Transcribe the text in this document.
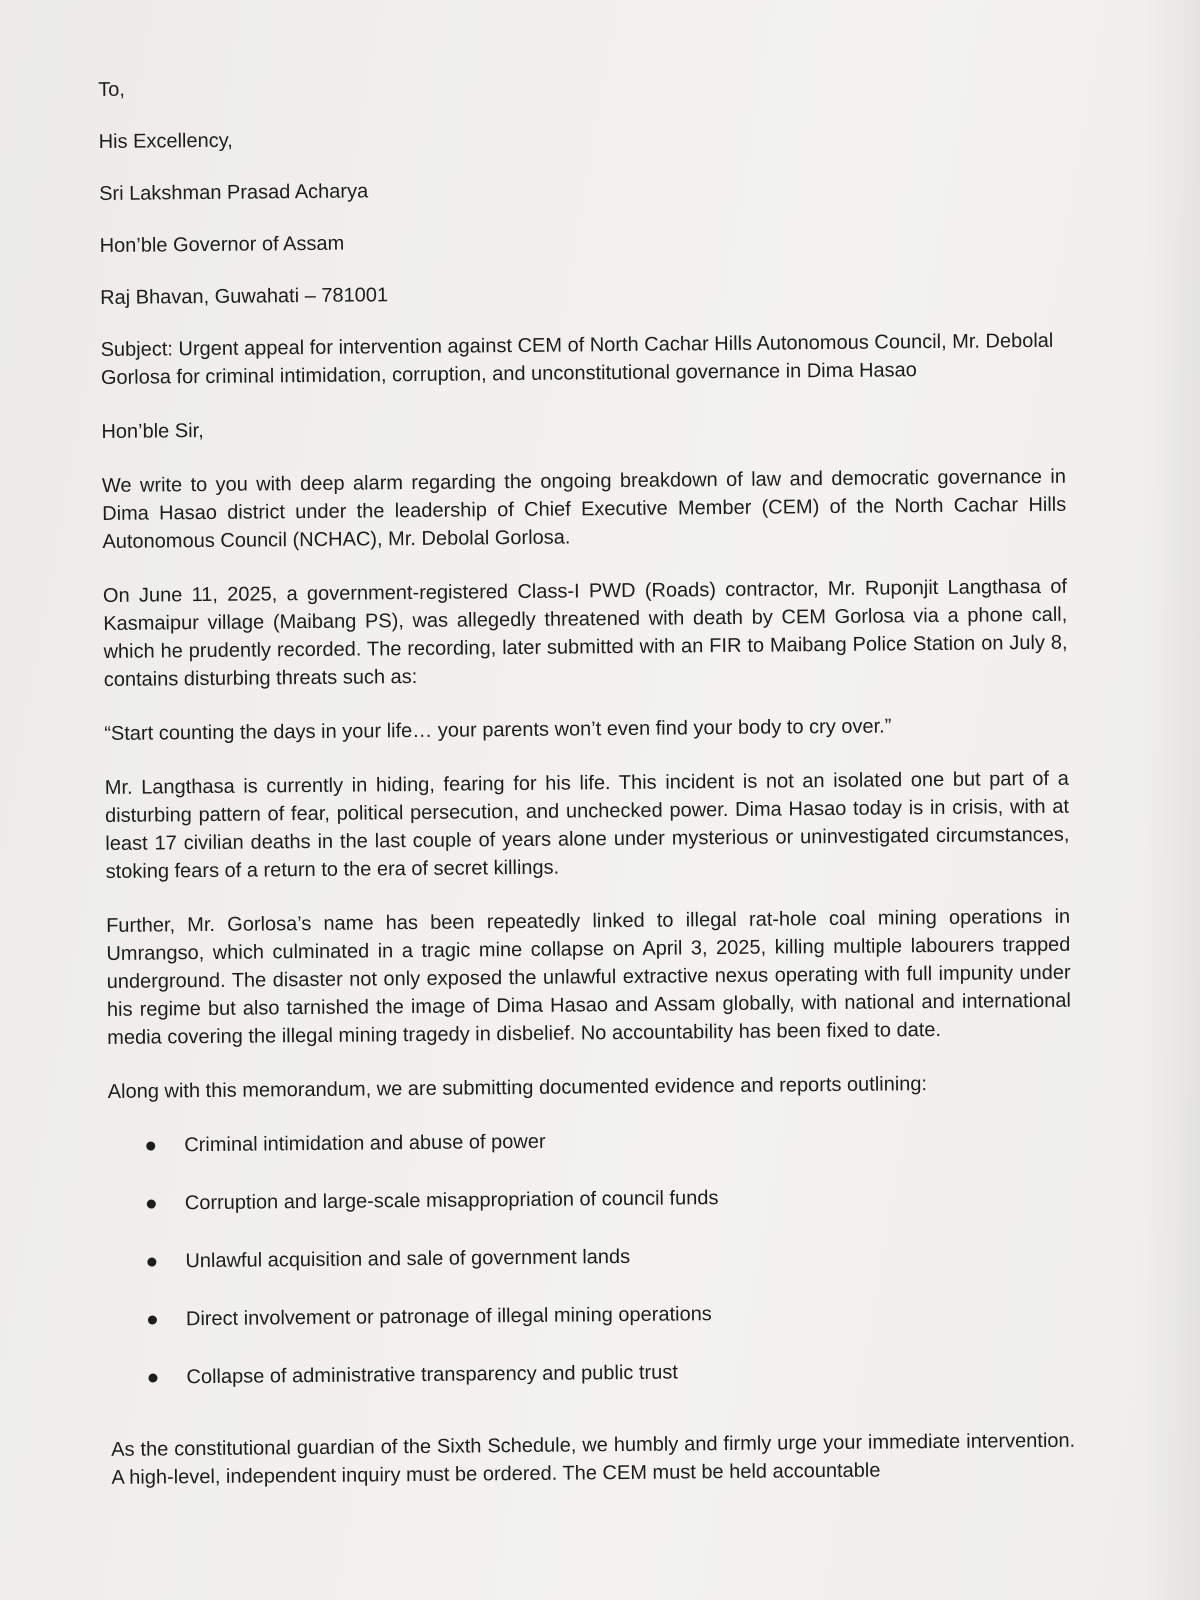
To,

His Excellency,

Sri Lakshman Prasad Acharya

Hon’ble Governor of Assam

Raj Bhavan, Guwahati – 781001

Subject: Urgent appeal for intervention against CEM of North Cachar Hills Autonomous Council, Mr. Debolal Gorlosa for criminal intimidation, corruption, and unconstitutional governance in Dima Hasao

Hon’ble Sir,

We write to you with deep alarm regarding the ongoing breakdown of law and democratic governance in Dima Hasao district under the leadership of Chief Executive Member (CEM) of the North Cachar Hills Autonomous Council (NCHAC), Mr. Debolal Gorlosa.

On June 11, 2025, a government-registered Class-I PWD (Roads) contractor, Mr. Ruponjit Langthasa of Kasmaipur village (Maibang PS), was allegedly threatened with death by CEM Gorlosa via a phone call, which he prudently recorded. The recording, later submitted with an FIR to Maibang Police Station on July 8, contains disturbing threats such as:

“Start counting the days in your life… your parents won’t even find your body to cry over.”

Mr. Langthasa is currently in hiding, fearing for his life. This incident is not an isolated one but part of a disturbing pattern of fear, political persecution, and unchecked power. Dima Hasao today is in crisis, with at least 17 civilian deaths in the last couple of years alone under mysterious or uninvestigated circumstances, stoking fears of a return to the era of secret killings.

Further, Mr. Gorlosa’s name has been repeatedly linked to illegal rat-hole coal mining operations in Umrangso, which culminated in a tragic mine collapse on April 3, 2025, killing multiple labourers trapped underground. The disaster not only exposed the unlawful extractive nexus operating with full impunity under his regime but also tarnished the image of Dima Hasao and Assam globally, with national and international media covering the illegal mining tragedy in disbelief. No accountability has been fixed to date.

Along with this memorandum, we are submitting documented evidence and reports outlining:

Criminal intimidation and abuse of power
Corruption and large-scale misappropriation of council funds
Unlawful acquisition and sale of government lands
Direct involvement or patronage of illegal mining operations
Collapse of administrative transparency and public trust

As the constitutional guardian of the Sixth Schedule, we humbly and firmly urge your immediate intervention. A high-level, independent inquiry must be ordered. The CEM must be held accountable
